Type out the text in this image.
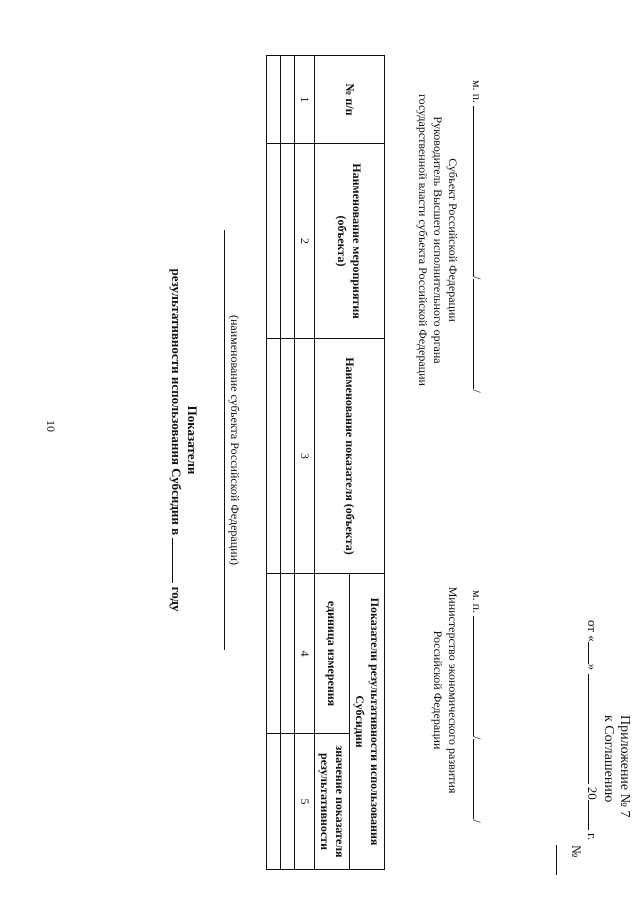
10
Приложение № 7
к Соглашению
от «»  20 г.
№
Показатели
результативности использования Субсидии в  году
(наименование субъекта Российской Федерации)
№ п/п	Наименование мероприятия (объекта)	Наименование показателя (объекта)	Показатели результативности использования Субсидии	
			единица измерения	значение показателя результативности
1	2	3	4	5

Субъект Российской Федерации
Руководитель Высшего исполнительного органа
государственной власти субъекта Российской Федерации
м. п. //
Министерство экономического развития
Российской Федерации
м. п. //
